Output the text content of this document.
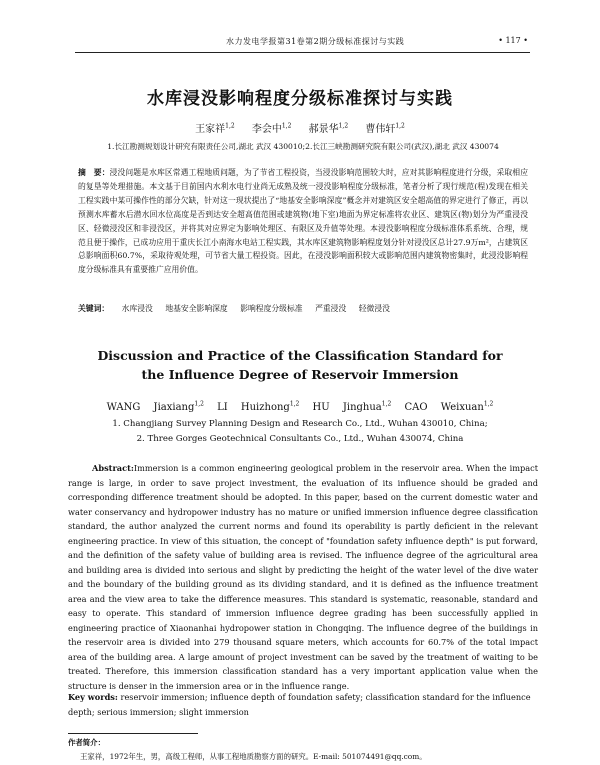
水力发电学报第31卷第2期分级标准探讨与实践	• 117 •
水库浸没影响程度分级标准探讨与实践
王家祥$^{1,2}$ 李会中$^{1,2}$ 郝景华$^{1,2}$ 曹伟轩$^{1,2}$
1.长江勘测规划设计研究有限责任公司,湖北 武汉 430010;2.长江三峡勘测研究院有限公司(武汉),湖北 武汉 430074
摘　要：浸没问题是水库区常遇工程地质问题，为了节省工程投资，当浸没影响范围较大时，应对其影响程度进行分级，采取相应的复垦等处理措施。本文基于目前国内水利水电行业尚无成熟及统一浸没影响程度分级标准，笔者分析了现行规范(程)发现在相关工程实践中某可操作性的部分欠缺，针对这一现状提出了“地基安全影响深度”概念并对建筑区安全超高值的界定进行了修正，再以预测水库蓄水后潜水回水位高度是否到达安全超高值范围或建筑物(地下室)地面为界定标准将农业区、建筑区(物)划分为严重浸没区、轻微浸没区和非浸没区，并将其对应界定为影响处理区、有限区及升值等处理。本浸没影响程度分级标准体系系统、合理，规范且便于操作，已成功应用于重庆长江小南海水电站工程实践，其水库区建筑物影响程度划分针对浸没区总计27.9万m²，占建筑区总影响面积60.7%，采取待观处理，可节省大量工程投资。因此，在浸没影响面积较大或影响范围内建筑物密集时，此浸没影响程度分级标准具有重要推广应用价值。
关键词： 水库浸没 地基安全影响深度 影响程度分级标准 严重浸没 轻微浸没
Discussion and Practice of the Classification Standard for
the Influence Degree of Reservoir Immersion
WANG Jiaxiang$^{1,2}$ LI Huizhong$^{1,2}$ HU Jinghua$^{1,2}$ CAO Weixuan$^{1,2}$
1. Changjiang Survey Planning Design and Research Co., Ltd., Wuhan 430010, China;
2. Three Gorges Geotechnical Consultants Co., Ltd., Wuhan 430074, China
Abstract:Immersion is a common engineering geological problem in the reservoir area. When the impact range is large, in order to save project investment, the evaluation of its influence should be graded and corresponding difference treatment should be adopted. In this paper, based on the current domestic water and water conservancy and hydropower industry has no mature or unified immersion influence degree classification standard, the author analyzed the current norms and found its operability is partly deficient in the relevant engineering practice. In view of this situation, the concept of "foundation safety influence depth" is put forward, and the definition of the safety value of building area is revised. The influence degree of the agricultural area and building area is divided into serious and slight by predicting the height of the water level of the dive water and the boundary of the building ground as its dividing standard, and it is defined as the influence treatment area and the view area to take the difference measures. This standard is systematic, reasonable, standard and easy to operate. This standard of immersion influence degree grading has been successfully applied in engineering practice of Xiaonanhai hydropower station in Chongqing. The influence degree of the buildings in the reservoir area is divided into 279 thousand square meters, which accounts for 60.7% of the total impact area of the building area. A large amount of project investment can be saved by the treatment of waiting to be treated. Therefore, this immersion classification standard has a very important application value when the structure is denser in the immersion area or in the influence range.
Key words: reservoir immersion; influence depth of foundation safety; classification standard for the influence depth; serious immersion; slight immersion
作者简介：
王家祥，1972年生，男，高级工程师，从事工程地质勘察方面的研究。E-mail: 501074491@qq.com。
